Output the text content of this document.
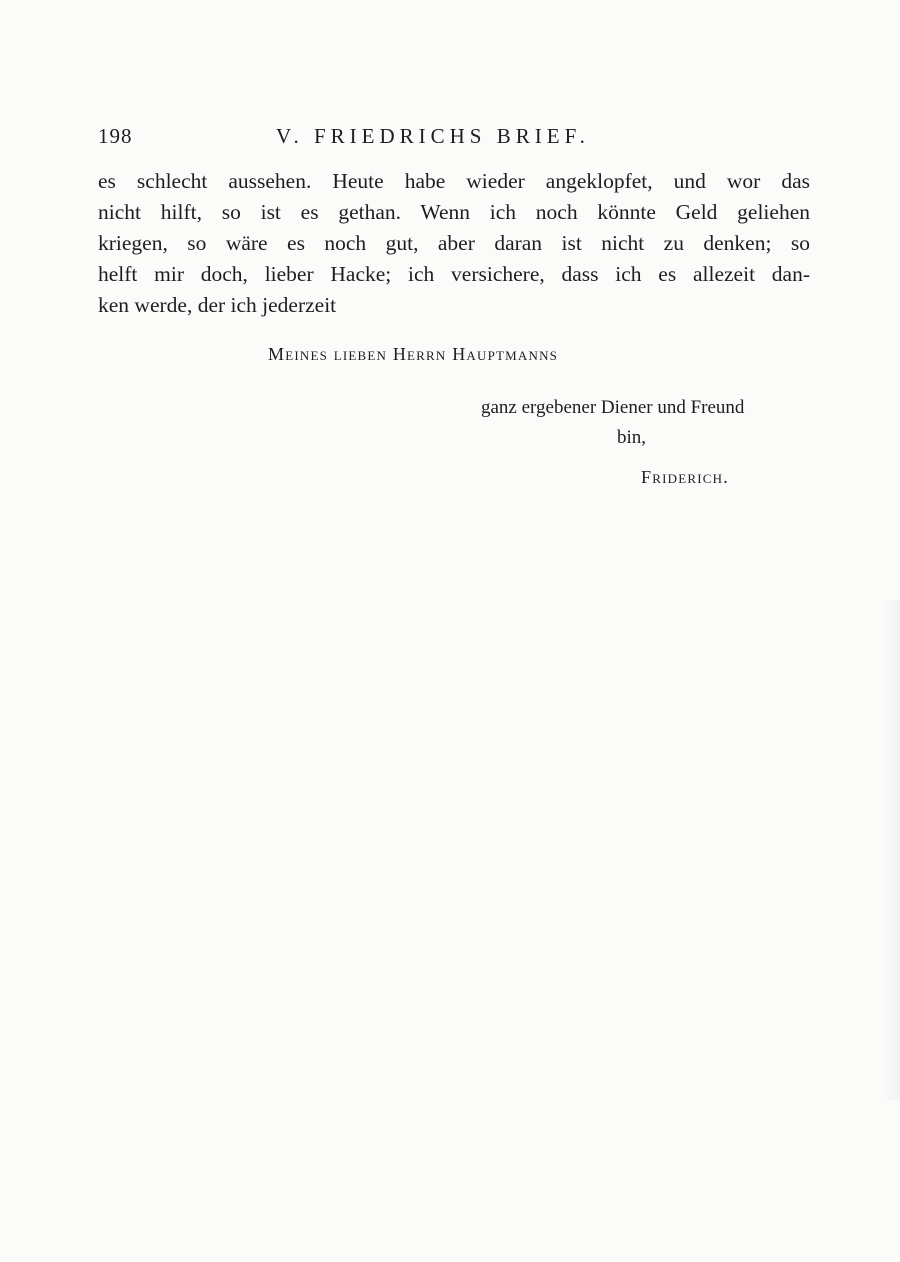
198	V. FRIEDRICHS BRIEF.

es schlecht aussehen. Heute habe wieder angeklopfet, und wor das
nicht hilft, so ist es gethan. Wenn ich noch könnte Geld geliehen
kriegen, so wäre es noch gut, aber daran ist nicht zu denken; so
helft mir doch, lieber Hacke; ich versichere, dass ich es allezeit dan-
ken werde, der ich jederzeit

Meines lieben Herrn Hauptmanns
ganz ergebener Diener und Freund
bin,
Friderich.
